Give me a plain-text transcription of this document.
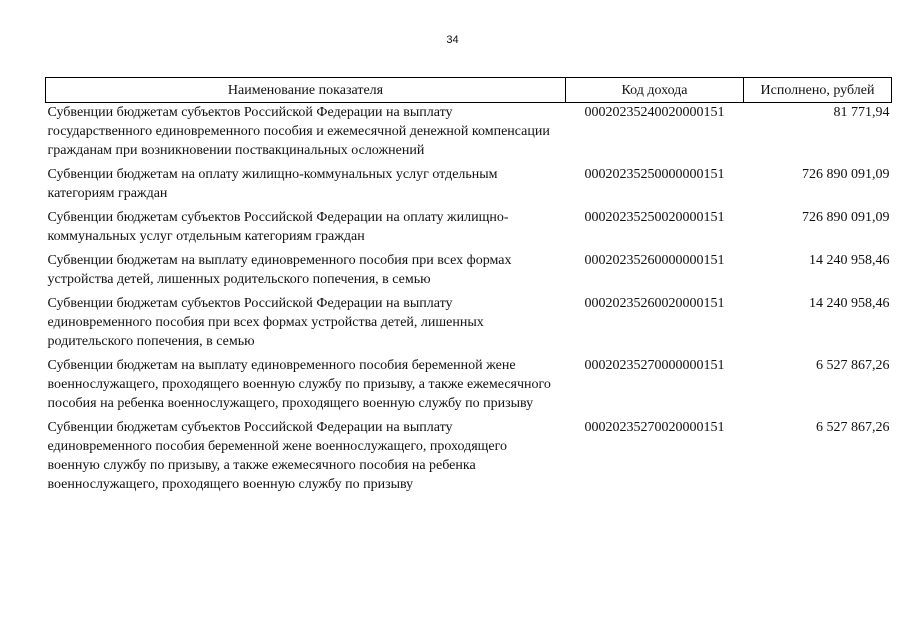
34
Наименование показателя	Код дохода	Исполнено, рублей
Субвенции бюджетам субъектов Российской Федерации на выплату государственного единовременного пособия и ежемесячной денежной компенсации гражданам при возникновении поствакцинальных осложнений	00020235240020000151	81 771,94
Субвенции бюджетам на оплату жилищно-коммунальных услуг отдельным категориям граждан	00020235250000000151	726 890 091,09
Субвенции бюджетам субъектов Российской Федерации на оплату жилищно-коммунальных услуг отдельным категориям граждан	00020235250020000151	726 890 091,09
Субвенции бюджетам на выплату единовременного пособия при всех формах устройства детей, лишенных родительского попечения, в семью	00020235260000000151	14 240 958,46
Субвенции бюджетам субъектов Российской Федерации на выплату единовременного пособия при всех формах устройства детей, лишенных родительского попечения, в семью	00020235260020000151	14 240 958,46
Субвенции бюджетам на выплату единовременного пособия беременной жене военнослужащего, проходящего военную службу по призыву, а также ежемесячного пособия на ребенка военнослужащего, проходящего военную службу по призыву	00020235270000000151	6 527 867,26
Субвенции бюджетам субъектов Российской Федерации на выплату единовременного пособия беременной жене военнослужащего, проходящего военную службу по призыву, а также ежемесячного пособия на ребенка военнослужащего, проходящего военную службу по призыву	00020235270020000151	6 527 867,26
